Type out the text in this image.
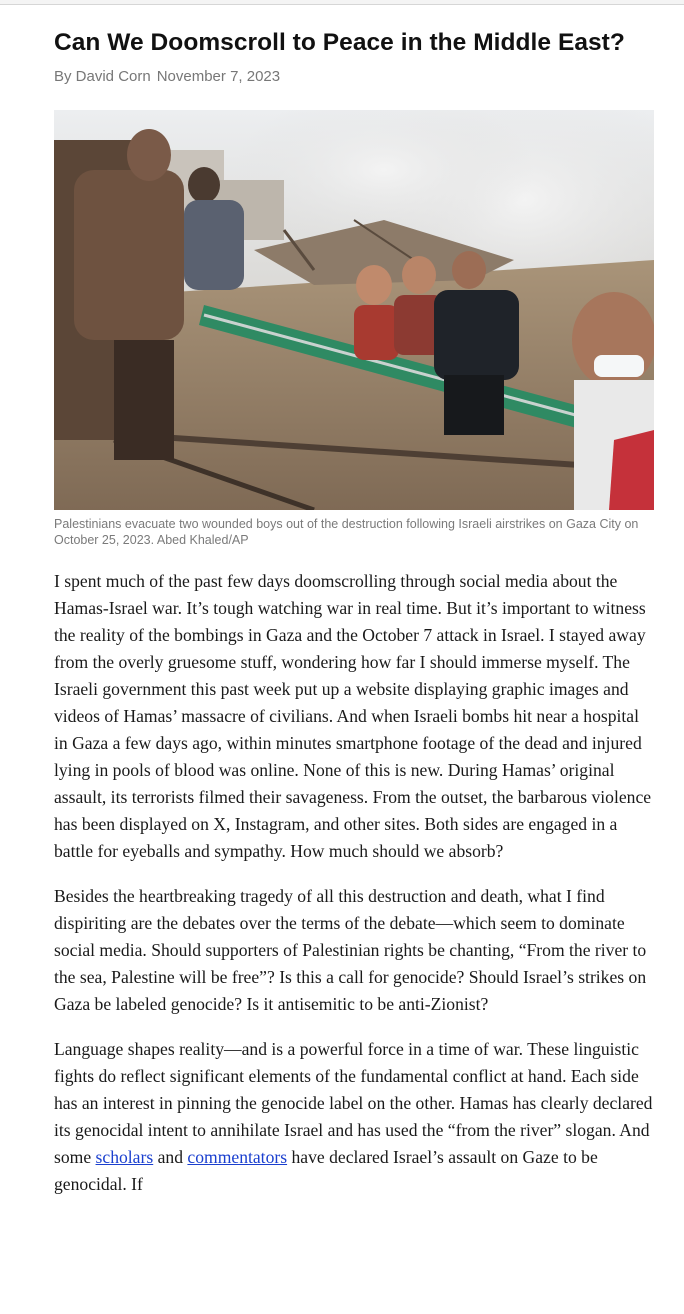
Can We Doomscroll to Peace in the Middle East?
By David Corn November 7, 2023
Palestinians evacuate two wounded boys out of the destruction following Israeli airstrikes on Gaza City on October 25, 2023. Abed Khaled/AP

I spent much of the past few days doomscrolling through social media about the Hamas-Israel war. It’s tough watching war in real time. But it’s important to witness the reality of the bombings in Gaza and the October 7 attack in Israel. I stayed away from the overly gruesome stuff, wondering how far I should immerse myself. The Israeli government this past week put up a website displaying graphic images and videos of Hamas’ massacre of civilians. And when Israeli bombs hit near a hospital in Gaza a few days ago, within minutes smartphone footage of the dead and injured lying in pools of blood was online. None of this is new. During Hamas’ original assault, its terrorists filmed their savageness. From the outset, the barbarous violence has been displayed on X, Instagram, and other sites. Both sides are engaged in a battle for eyeballs and sympathy. How much should we absorb?

Besides the heartbreaking tragedy of all this destruction and death, what I find dispiriting are the debates over the terms of the debate—which seem to dominate social media. Should supporters of Palestinian rights be chanting, “From the river to the sea, Palestine will be free”? Is this a call for genocide? Should Israel’s strikes on Gaza be labeled genocide? Is it antisemitic to be anti-Zionist?

Language shapes reality—and is a powerful force in a time of war. These linguistic fights do reflect significant elements of the fundamental conflict at hand. Each side has an interest in pinning the genocide label on the other. Hamas has clearly declared its genocidal intent to annihilate Israel and has used the “from the river” slogan. And some scholars and commentators have declared Israel’s assault on Gaze to be genocidal. If
